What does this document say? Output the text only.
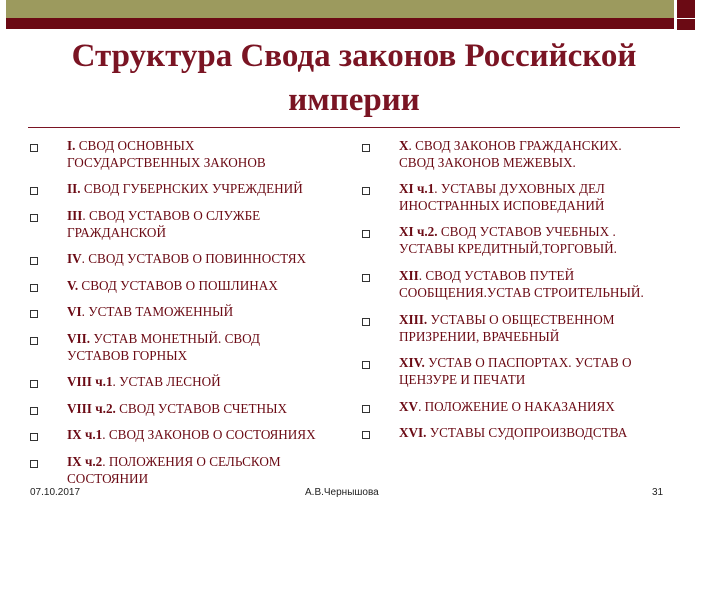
Структура Свода законов Российской империи
I. СВОД ОСНОВНЫХ ГОСУДАРСТВЕННЫХ ЗАКОНОВ
II. СВОД ГУБЕРНСКИХ УЧРЕЖДЕНИЙ
III. СВОД УСТАВОВ О СЛУЖБЕ ГРАЖДАНСКОЙ
IV. СВОД УСТАВОВ О ПОВИННОСТЯХ
V. СВОД УСТАВОВ О ПОШЛИНАХ
VI. УСТАВ ТАМОЖЕННЫЙ
VII. УСТАВ МОНЕТНЫЙ. СВОД УСТАВОВ ГОРНЫХ
VIII ч.1. УСТАВ ЛЕСНОЙ
VIII ч.2. СВОД УСТАВОВ СЧЕТНЫХ
IX ч.1. СВОД ЗАКОНОВ О СОСТОЯНИЯХ
IX ч.2. ПОЛОЖЕНИЯ О СЕЛЬСКОМ СОСТОЯНИИ
X. СВОД ЗАКОНОВ ГРАЖДАНСКИХ. СВОД ЗАКОНОВ МЕЖЕВЫХ.
XI ч.1. УСТАВЫ ДУХОВНЫХ ДЕЛ ИНОСТРАННЫХ ИСПОВЕДАНИЙ
XI ч.2. СВОД УСТАВОВ УЧЕБНЫХ . УСТАВЫ КРЕДИТНЫЙ,ТОРГОВЫЙ.
XII. СВОД УСТАВОВ ПУТЕЙ СООБЩЕНИЯ.УСТАВ СТРОИТЕЛЬНЫЙ.
XIII. УСТАВЫ О ОБЩЕСТВЕННОМ ПРИЗРЕНИИ, ВРАЧЕБНЫЙ
XIV. УСТАВ О ПАСПОРТАХ. УСТАВ О ЦЕНЗУРЕ И ПЕЧАТИ
XV. ПОЛОЖЕНИЕ О НАКАЗАНИЯХ
XVI. УСТАВЫ СУДОПРОИЗВОДСТВА
07.10.2017	А.В.Чернышова	31
